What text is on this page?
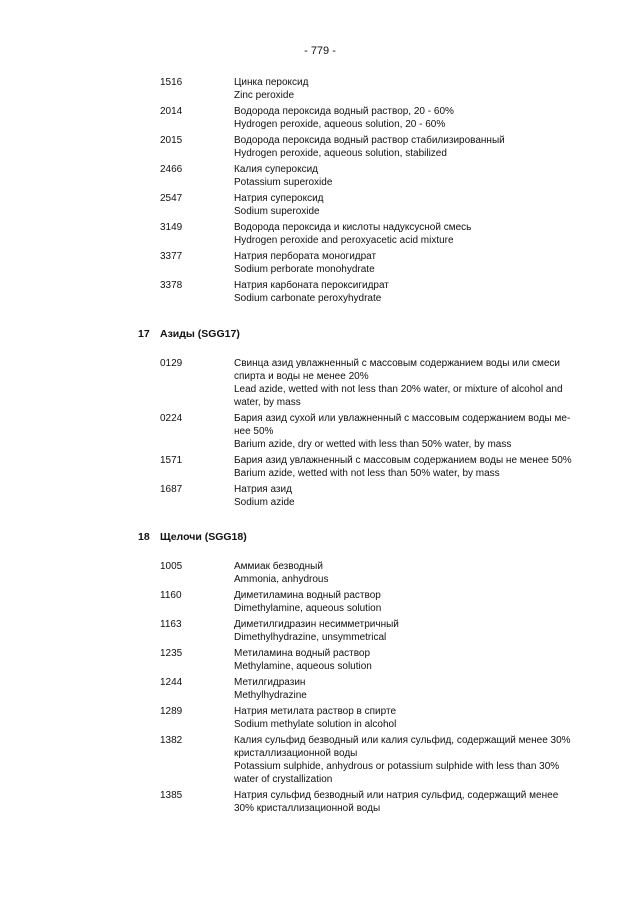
- 779 -
1516	Цинка пероксид
Zinc peroxide
2014	Водорода пероксида водный раствор, 20 - 60%
Hydrogen peroxide, aqueous solution, 20 - 60%
2015	Водорода пероксида водный раствор стабилизированный
Hydrogen peroxide, aqueous solution, stabilized
2466	Калия супероксид
Potassium superoxide
2547	Натрия супероксид
Sodium superoxide
3149	Водорода пероксида и кислоты надуксусной смесь
Hydrogen peroxide and peroxyacetic acid mixture
3377	Натрия пербората моногидрат
Sodium perborate monohydrate
3378	Натрия карбоната пероксигидрат
Sodium carbonate peroxyhydrate
17 Азиды (SGG17)
0129	Свинца азид увлажненный с массовым содержанием воды или смеси
спирта и воды не менее 20%
Lead azide, wetted with not less than 20% water, or mixture of alcohol and
water, by mass
0224	Бария азид сухой или увлажненный с массовым содержанием воды ме-
нее 50%
Barium azide, dry or wetted with less than 50% water, by mass
1571	Бария азид увлажненный с массовым содержанием воды не менее 50%
Barium azide, wetted with not less than 50% water, by mass
1687	Натрия азид
Sodium azide
18 Щелочи (SGG18)
1005	Аммиак безводный
Ammonia, anhydrous
1160	Диметиламина водный раствор
Dimethylamine, aqueous solution
1163	Диметилгидразин несимметричный
Dimethylhydrazine, unsymmetrical
1235	Метиламина водный раствор
Methylamine, aqueous solution
1244	Метилгидразин
Methylhydrazine
1289	Натрия метилата раствор в спирте
Sodium methylate solution in alcohol
1382	Калия сульфид безводный или калия сульфид, содержащий менее 30%
кристаллизационной воды
Potassium sulphide, anhydrous or potassium sulphide with less than 30%
water of crystallization
1385	Натрия сульфид безводный или натрия сульфид, содержащий менее
30% кристаллизационной воды
